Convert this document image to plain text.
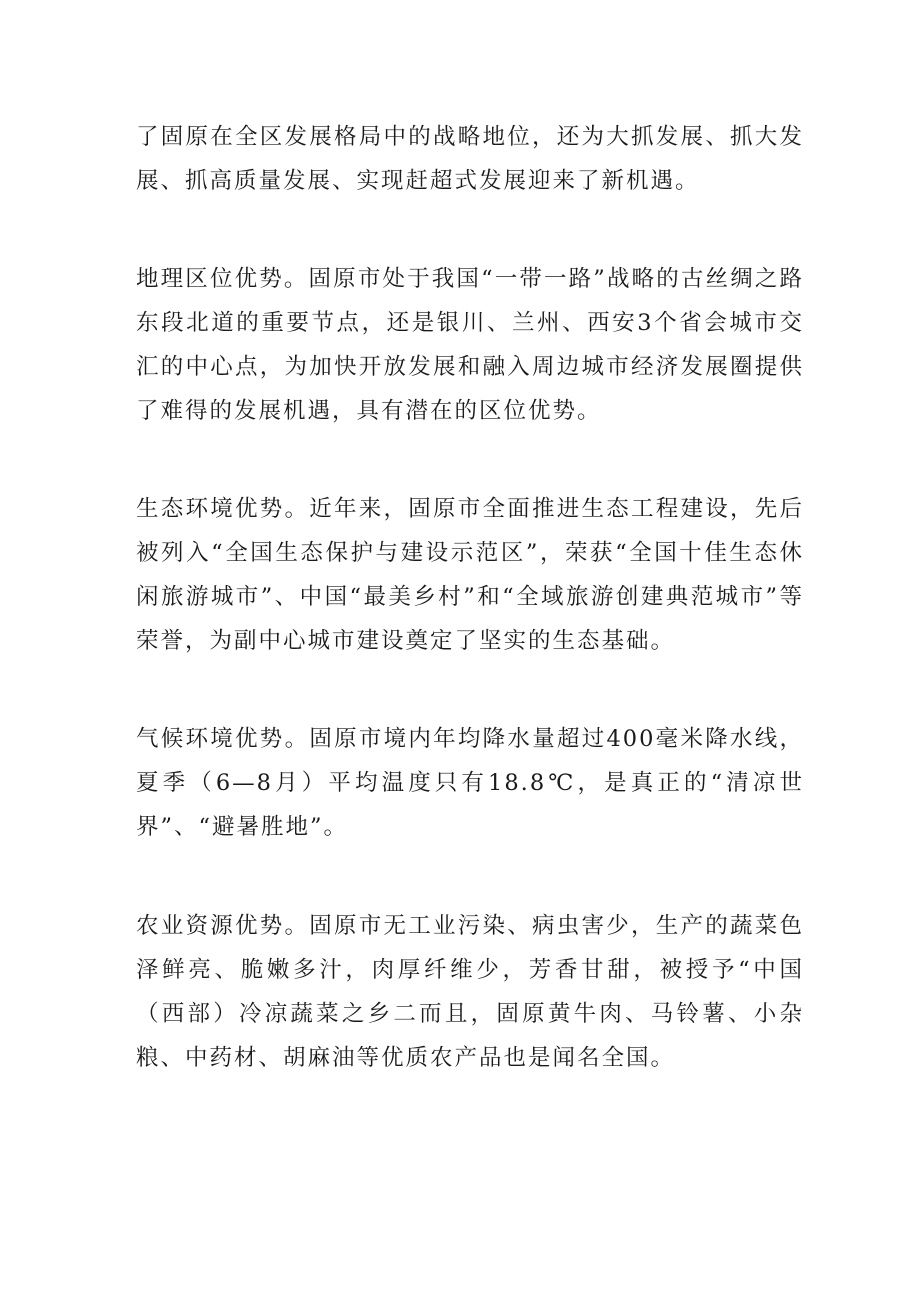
了固原在全区发展格局中的战略地位，还为大抓发展、抓大发展、抓高质量发展、实现赶超式发展迎来了新机遇。

地理区位优势。固原市处于我国“一带一路”战略的古丝绸之路东段北道的重要节点，还是银川、兰州、西安3个省会城市交汇的中心点，为加快开放发展和融入周边城市经济发展圈提供了难得的发展机遇，具有潜在的区位优势。

生态环境优势。近年来，固原市全面推进生态工程建设，先后被列入“全国生态保护与建设示范区”，荣获“全国十佳生态休闲旅游城市”、中国“最美乡村”和“全域旅游创建典范城市”等荣誉，为副中心城市建设奠定了坚实的生态基础。

气候环境优势。固原市境内年均降水量超过400毫米降水线，夏季（6—8月）平均温度只有18.8℃，是真正的“清凉世界”、“避暑胜地”。

农业资源优势。固原市无工业污染、病虫害少，生产的蔬菜色泽鲜亮、脆嫩多汁，肉厚纤维少，芳香甘甜，被授予“中国（西部）冷凉蔬菜之乡二而且，固原黄牛肉、马铃薯、小杂粮、中药材、胡麻油等优质农产品也是闻名全国。
